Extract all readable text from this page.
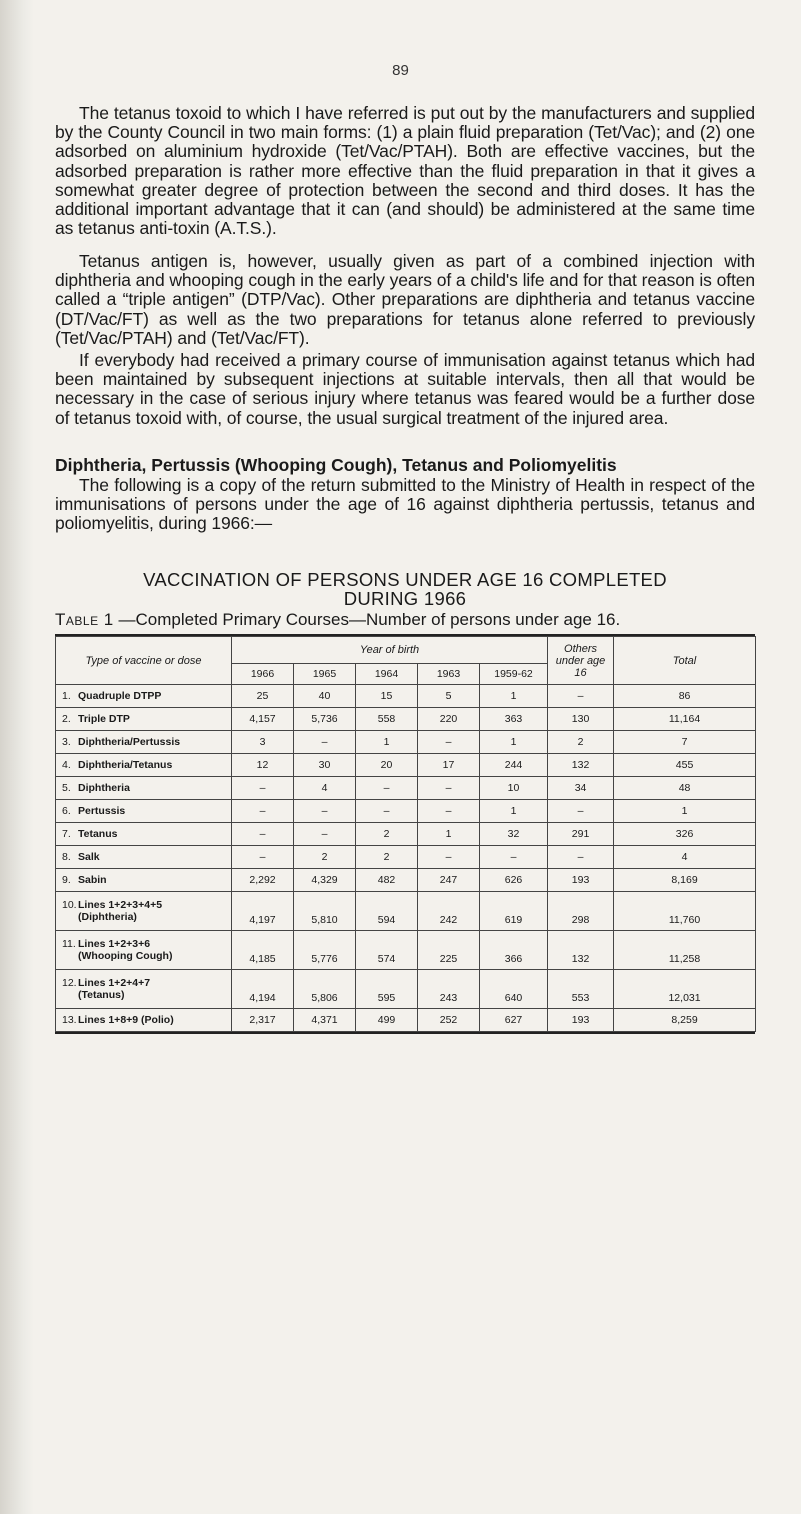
89

The tetanus toxoid to which I have referred is put out by the manufacturers and supplied by the County Council in two main forms: (1) a plain fluid preparation (Tet/Vac); and (2) one adsorbed on aluminium hydroxide (Tet/Vac/PTAH). Both are effective vaccines, but the adsorbed preparation is rather more effective than the fluid preparation in that it gives a somewhat greater degree of protection between the second and third doses. It has the additional important advantage that it can (and should) be administered at the same time as tetanus anti-toxin (A.T.S.).

Tetanus antigen is, however, usually given as part of a combined injection with diphtheria and whooping cough in the early years of a child's life and for that reason is often called a “triple antigen” (DTP/Vac). Other preparations are diphtheria and tetanus vaccine (DT/Vac/FT) as well as the two preparations for tetanus alone referred to previously (Tet/Vac/PTAH) and (Tet/Vac/FT).

If everybody had received a primary course of immunisation against tetanus which had been maintained by subsequent injections at suitable intervals, then all that would be necessary in the case of serious injury where tetanus was feared would be a further dose of tetanus toxoid with, of course, the usual surgical treatment of the injured area.

Diphtheria, Pertussis (Whooping Cough), Tetanus and Poliomyelitis

The following is a copy of the return submitted to the Ministry of Health in respect of the immunisations of persons under the age of 16 against diphtheria pertussis, tetanus and poliomyelitis, during 1966:—

VACCINATION OF PERSONS UNDER AGE 16 COMPLETED
DURING 1966
Table 1 —Completed Primary Courses—Number of persons under age 16.
Type of vaccine or dose	Year of birth					Others under age 16	Total
	1966	1965	1964	1963	1959-62		
1. Quadruple DTPP	25	40	15	5	1	–	86
2. Triple DTP	4,157	5,736	558	220	363	130	11,164
3. Diphtheria/Pertussis	3	–	1	–	1	2	7
4. Diphtheria/Tetanus	12	30	20	17	244	132	455
5. Diphtheria	–	4	–	–	10	34	48
6. Pertussis	–	–	–	–	1	–	1
7. Tetanus	–	–	2	1	32	291	326
8. Salk	–	2	2	–	–	–	4
9. Sabin	2,292	4,329	482	247	626	193	8,169
10.Lines 1+2+3+4+5
(Diphtheria)	4,197	5,810	594	242	619	298	11,760
11. Lines 1+2+3+6
(Whooping Cough)	4,185	5,776	574	225	366	132	11,258
12.Lines 1+2+4+7
(Tetanus)	4,194	5,806	595	243	640	553	12,031
13.Lines 1+8+9 (Polio)	2,317	4,371	499	252	627	193	8,259
